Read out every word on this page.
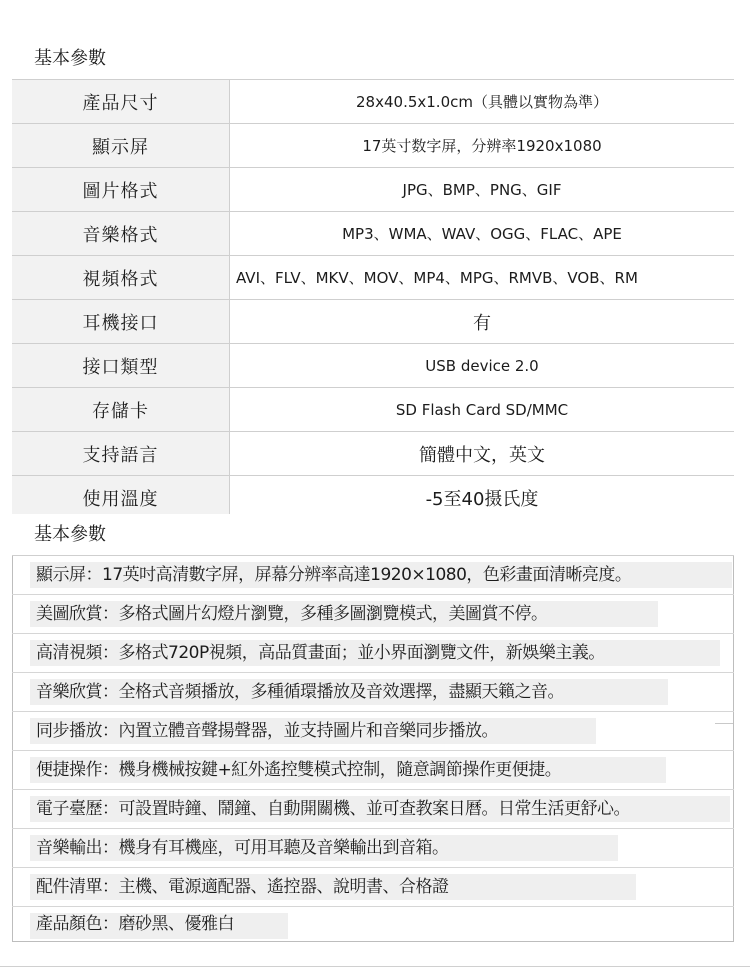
基本參數
產品尺寸	28x40.5x1.0cm（具體以實物為準）
顯示屏	17英寸数字屏，分辨率1920x1080
圖片格式	JPG、BMP、PNG、GIF
音樂格式	MP3、WMA、WAV、OGG、FLAC、APE
視頻格式	AVI、FLV、MKV、MOV、MP4、MPG、RMVB、VOB、RM
耳機接口	有
接口類型	USB device 2.0
存儲卡	SD Flash Card SD/MMC
支持語言	簡體中文，英文
使用溫度	-5至40摄氏度
基本參數
顯示屏：17英吋高清數字屏，屏幕分辨率高達1920×1080，色彩畫面清晰亮度。
美圖欣賞：多格式圖片幻燈片瀏覽，多種多圖瀏覽模式，美圖賞不停。
高清視頻：多格式720P視頻，高品質畫面；並小界面瀏覽文件，新娛樂主義。
音樂欣賞：全格式音頻播放，多種循環播放及音效選擇，盡顯天籟之音。
同步播放：內置立體音聲揚聲器，並支持圖片和音樂同步播放。
便捷操作：機身機械按鍵+紅外遙控雙模式控制，隨意調節操作更便捷。
電子臺歷：可設置時鐘、鬧鐘、自動開關機、並可查教案日曆。日常生活更舒心。
音樂輸出：機身有耳機座，可用耳聽及音樂輸出到音箱。
配件清單：主機、電源適配器、遙控器、說明書、合格證
產品顏色：磨砂黑、優雅白
